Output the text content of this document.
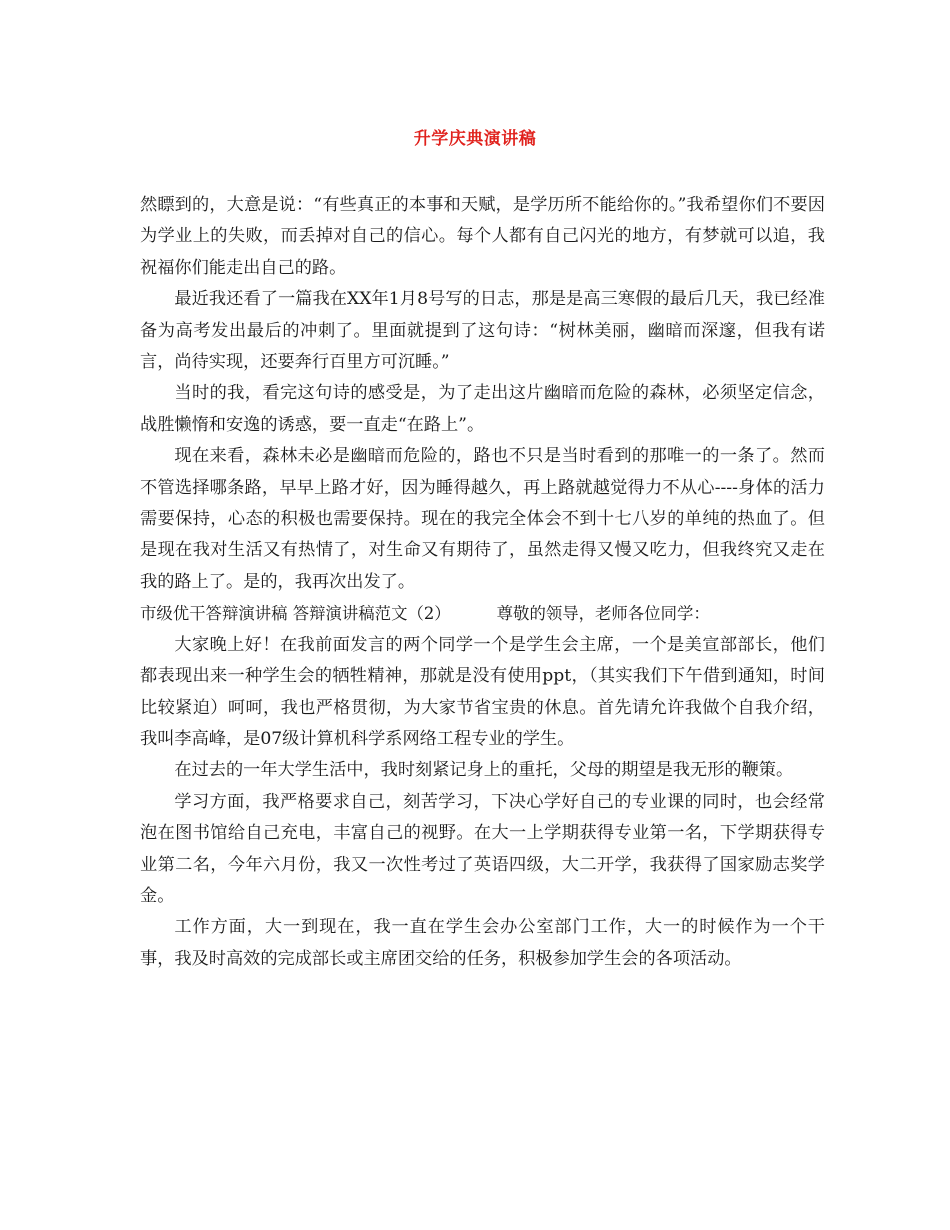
升学庆典演讲稿

然瞟到的，大意是说：“有些真正的本事和天赋，是学历所不能给你的。”我希望你们不要因为学业上的失败，而丢掉对自己的信心。每个人都有自己闪光的地方，有梦就可以追，我祝福你们能走出自己的路。

最近我还看了一篇我在XX年1月8号写的日志，那是是高三寒假的最后几天，我已经准备为高考发出最后的冲刺了。里面就提到了这句诗：“树林美丽，幽暗而深邃，但我有诺言，尚待实现，还要奔行百里方可沉睡。”

当时的我，看完这句诗的感受是，为了走出这片幽暗而危险的森林，必须坚定信念，战胜懒惰和安逸的诱惑，要一直走“在路上”。

现在来看，森林未必是幽暗而危险的，路也不只是当时看到的那唯一的一条了。然而不管选择哪条路，早早上路才好，因为睡得越久，再上路就越觉得力不从心----身体的活力需要保持，心态的积极也需要保持。现在的我完全体会不到十七八岁的单纯的热血了。但是现在我对生活又有热情了，对生命又有期待了，虽然走得又慢又吃力，但我终究又走在我的路上了。是的，我再次出发了。

市级优干答辩演讲稿 答辩演讲稿范文（2）	尊敬的领导，老师各位同学：

大家晚上好！在我前面发言的两个同学一个是学生会主席，一个是美宣部部长，他们都表现出来一种学生会的牺牲精神，那就是没有使用ppt，（其实我们下午借到通知，时间比较紧迫）呵呵，我也严格贯彻，为大家节省宝贵的休息。首先请允许我做个自我介绍，我叫李高峰，是07级计算机科学系网络工程专业的学生。

在过去的一年大学生活中，我时刻紧记身上的重托，父母的期望是我无形的鞭策。

学习方面，我严格要求自己，刻苦学习，下决心学好自己的专业课的同时，也会经常泡在图书馆给自己充电，丰富自己的视野。在大一上学期获得专业第一名，下学期获得专业第二名，今年六月份，我又一次性考过了英语四级，大二开学，我获得了国家励志奖学金。

工作方面，大一到现在，我一直在学生会办公室部门工作，大一的时候作为一个干事，我及时高效的完成部长或主席团交给的任务，积极参加学生会的各项活动。
